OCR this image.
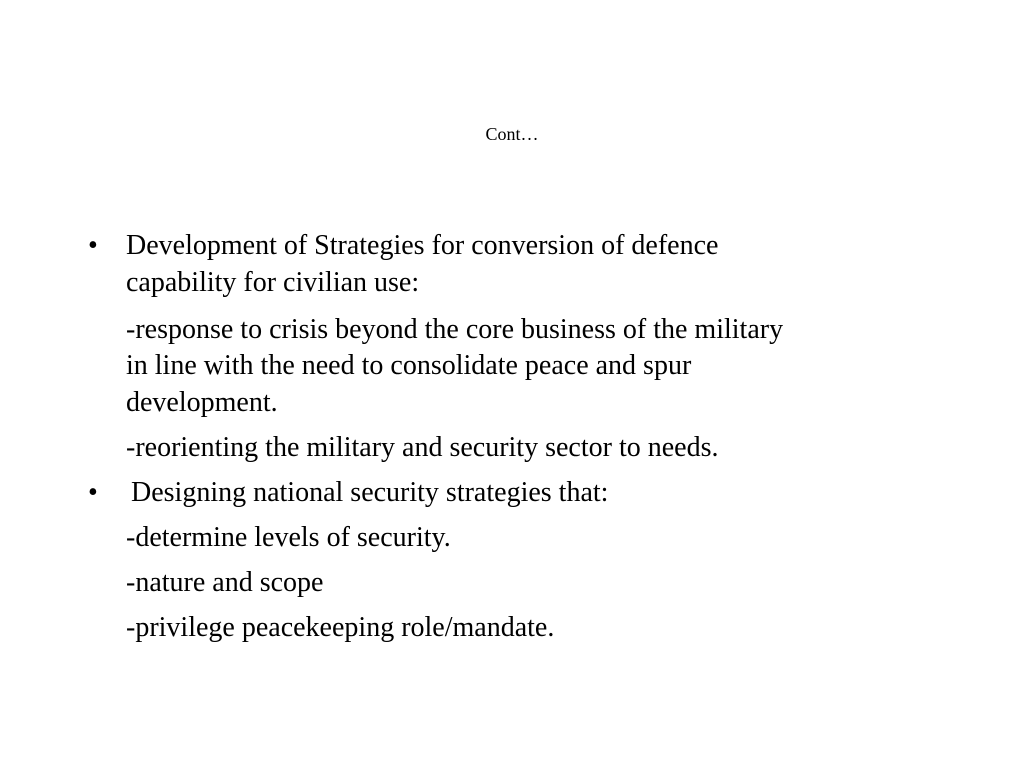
Cont…
• Development of Strategies for conversion of defence
capability for civilian use:
-response to crisis beyond the core business of the military
in line with the need to consolidate peace and spur
development.
-reorienting the military and security sector to needs.
• Designing national security strategies that:
-determine levels of security.
-nature and scope
-privilege peacekeeping role/mandate.
